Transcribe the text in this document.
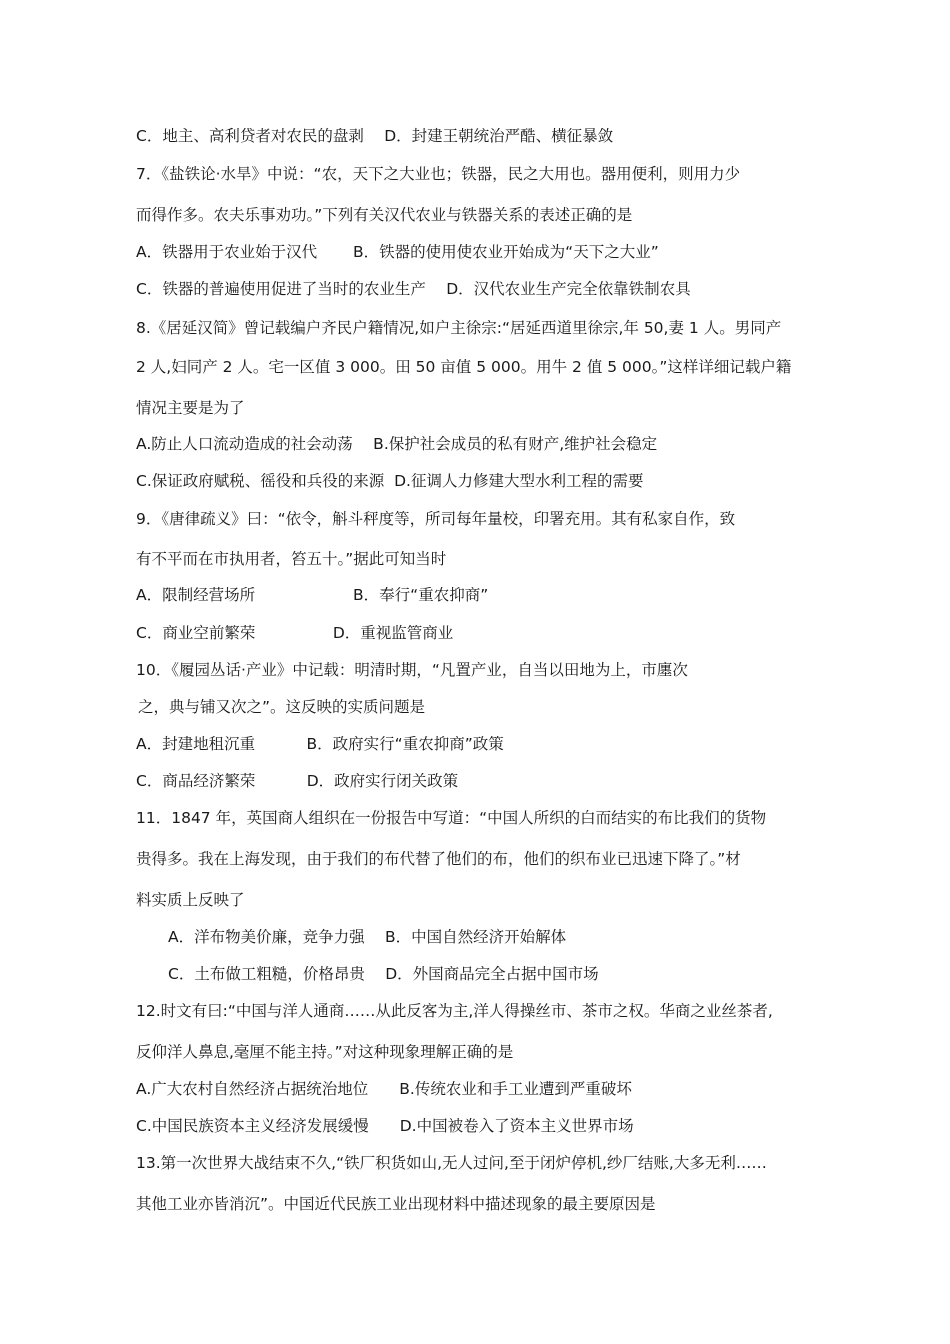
C．地主、高利贷者对农民的盘剥　 D．封建王朝统治严酷、横征暴敛
7．《盐铁论·水旱》中说：“农，天下之大业也；铁器，民之大用也。器用便利，则用力少
而得作多。农夫乐事劝功。”下列有关汉代农业与铁器关系的表述正确的是
A．铁器用于农业始于汉代　　 B．铁器的使用使农业开始成为“天下之大业”
C．铁器的普遍使用促进了当时的农业生产　 D．汉代农业生产完全依靠铁制农具
8.《居延汉简》曾记载编户齐民户籍情况,如户主徐宗:“居延西道里徐宗,年 50,妻 1 人。男同产
2 人,妇同产 2 人。宅一区值 3 000。田 50 亩值 5 000。用牛 2 值 5 000。”这样详细记载户籍
情况主要是为了
A.防止人口流动造成的社会动荡　 B.保护社会成员的私有财产,维护社会稳定
C.保证政府赋税、徭役和兵役的来源  D.征调人力修建大型水利工程的需要
9．《唐律疏义》曰：“依令，斛斗秤度等，所司每年量校，印署充用。其有私家自作，致
有不平而在市执用者，笞五十。”据此可知当时
A．限制经营场所　　　　　　 B．奉行“重农抑商”
C．商业空前繁荣　　　　　D．重视监管商业
10．《履园丛话·产业》中记载：明清时期，“凡置产业，自当以田地为上，市廛次
之，典与铺又次之”。这反映的实质问题是
A．封建地租沉重　　　 B．政府实行“重农抑商”政策
C．商品经济繁荣　　　 D．政府实行闭关政策
11．1847 年，英国商人组织在一份报告中写道：“中国人所织的白而结实的布比我们的货物
贵得多。我在上海发现，由于我们的布代替了他们的布，他们的织布业已迅速下降了。”材
料实质上反映了
A．洋布物美价廉，竞争力强　 B．中国自然经济开始解体
C．土布做工粗糙，价格昂贵　 D．外国商品完全占据中国市场
12.时文有曰:“中国与洋人通商……从此反客为主,洋人得操丝市、茶市之权。华商之业丝茶者,
反仰洋人鼻息,毫厘不能主持。”对这种现象理解正确的是
A.广大农村自然经济占据统治地位　　B.传统农业和手工业遭到严重破坏
C.中国民族资本主义经济发展缓慢　　D.中国被卷入了资本主义世界市场
13.第一次世界大战结束不久,“铁厂积货如山,无人过问,至于闭炉停机,纱厂结账,大多无利……
其他工业亦皆消沉”。中国近代民族工业出现材料中描述现象的最主要原因是
